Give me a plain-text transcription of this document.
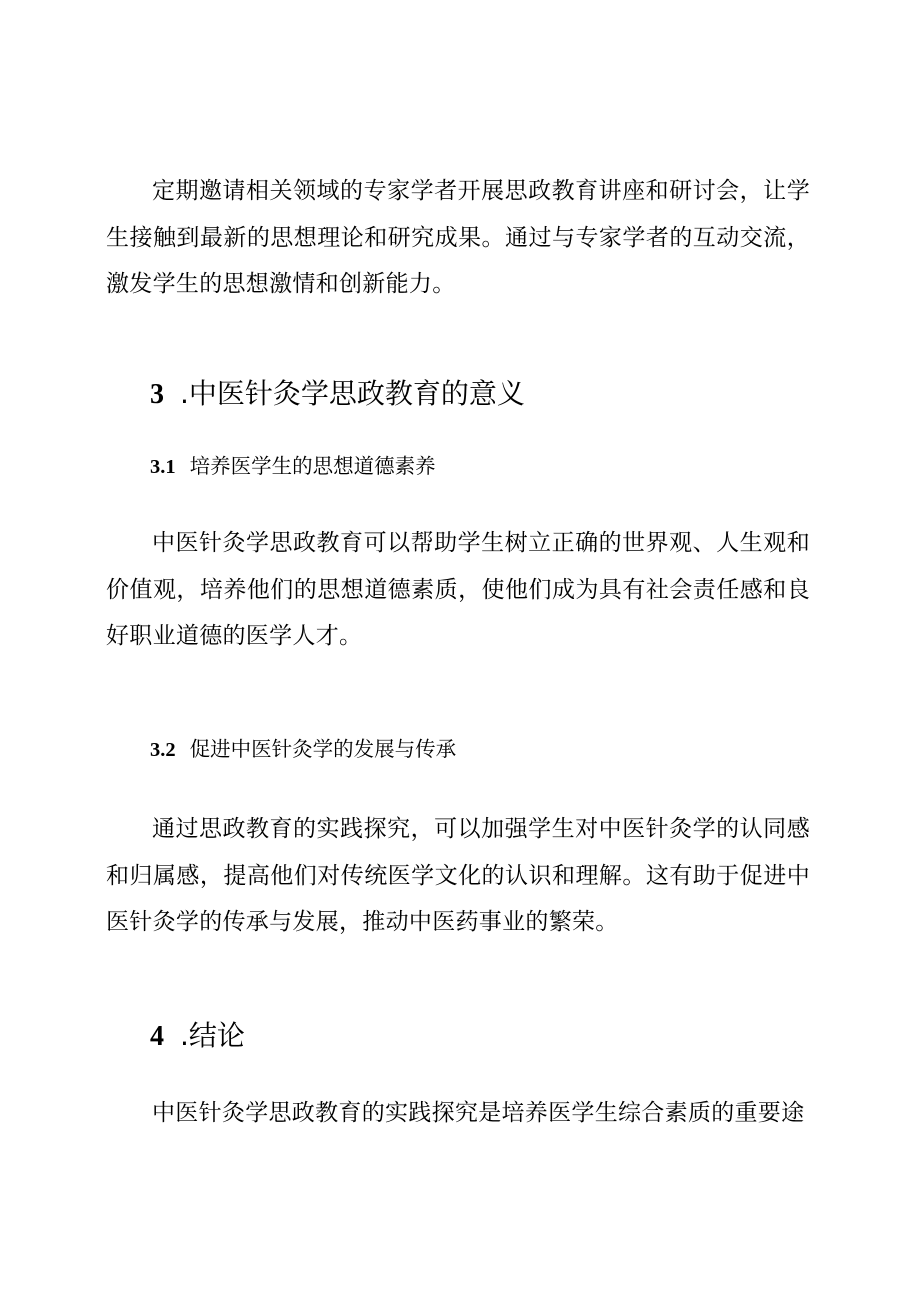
定期邀请相关领域的专家学者开展思政教育讲座和研讨会，让学生接触到最新的思想理论和研究成果。通过与专家学者的互动交流，激发学生的思想激情和创新能力。

3 .中医针灸学思政教育的意义
3.1 培养医学生的思想道德素养

中医针灸学思政教育可以帮助学生树立正确的世界观、人生观和价值观，培养他们的思想道德素质，使他们成为具有社会责任感和良好职业道德的医学人才。

3.2 促进中医针灸学的发展与传承

通过思政教育的实践探究，可以加强学生对中医针灸学的认同感和归属感，提高他们对传统医学文化的认识和理解。这有助于促进中医针灸学的传承与发展，推动中医药事业的繁荣。

4 .结论

中医针灸学思政教育的实践探究是培养医学生综合素质的重要途
